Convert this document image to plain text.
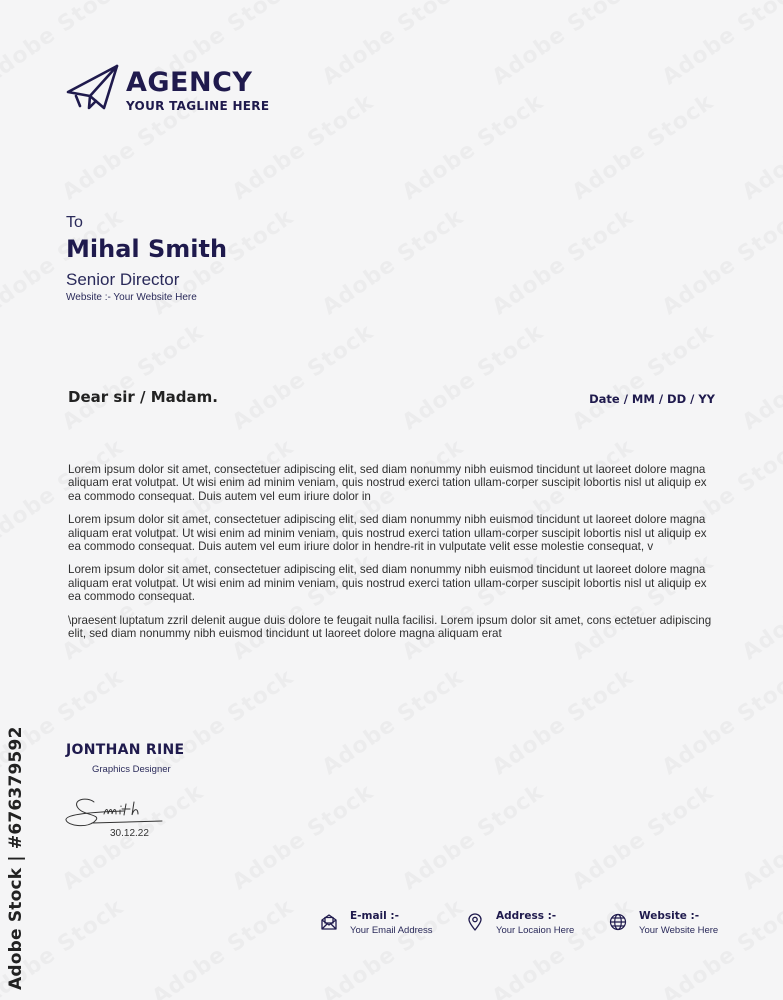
AGENCY
YOUR TAGLINE HERE
To
Mihal Smith
Senior Director
Website :- Your Website Here
Dear sir / Madam.	Date / MM / DD / YY

Lorem ipsum dolor sit amet, consectetuer adipiscing elit, sed diam nonummy nibh euismod tincidunt ut laoreet dolore magna aliquam erat volutpat. Ut wisi enim ad minim veniam, quis nostrud exerci tation ullam-corper suscipit lobortis nisl ut aliquip ex ea commodo consequat. Duis autem vel eum iriure dolor in

Lorem ipsum dolor sit amet, consectetuer adipiscing elit, sed diam nonummy nibh euismod tincidunt ut laoreet dolore magna aliquam erat volutpat. Ut wisi enim ad minim veniam, quis nostrud exerci tation ullam-corper suscipit lobortis nisl ut aliquip ex ea commodo consequat. Duis autem vel eum iriure dolor in hendre-rit in vulputate velit esse molestie consequat, v

Lorem ipsum dolor sit amet, consectetuer adipiscing elit, sed diam nonummy nibh euismod tincidunt ut laoreet dolore magna aliquam erat volutpat. Ut wisi enim ad minim veniam, quis nostrud exerci tation ullam-corper suscipit lobortis nisl ut aliquip ex ea commodo consequat.

\praesent luptatum zzril delenit augue duis dolore te feugait nulla facilisi. Lorem ipsum dolor sit amet, cons ectetuer adipiscing elit, sed diam nonummy nibh euismod tincidunt ut laoreet dolore magna aliquam erat

JONTHAN RINE
Graphics Designer
30.12.22
E-mail :-
Your Email Address
Address :-
Your Locaion Here
Website :-
Your Website Here
Adobe Stock | #676379592
